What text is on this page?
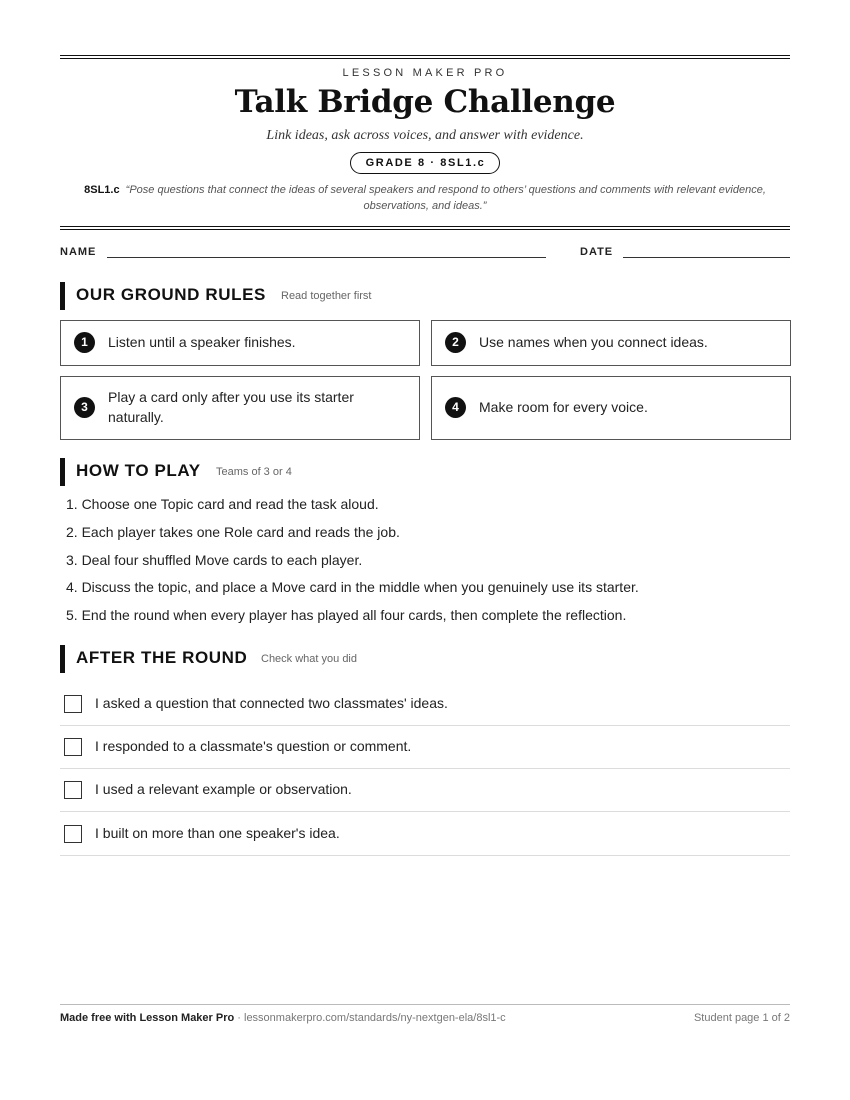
LESSON MAKER PRO
Talk Bridge Challenge
Link ideas, ask across voices, and answer with evidence.
GRADE 8 · 8SL1.c
8SL1.c “Pose questions that connect the ideas of several speakers and respond to others’ questions and comments with relevant evidence, observations, and ideas.”
NAME	DATE
OUR GROUND RULES Read together first
1	Listen until a speaker finishes.	2	Use names when you connect ideas.
3
Play a card only after you use its starter naturally.
4	Make room for every voice.
HOW TO PLAY Teams of 3 or 4
1. Choose one Topic card and read the task aloud.
2. Each player takes one Role card and reads the job.
3. Deal four shuffled Move cards to each player.
4. Discuss the topic, and place a Move card in the middle when you genuinely use its starter.
5. End the round when every player has played all four cards, then complete the reflection.
AFTER THE ROUND Check what you did
I asked a question that connected two classmates' ideas.
I responded to a classmate's question or comment.
I used a relevant example or observation.
I built on more than one speaker's idea.
Made free with Lesson Maker Pro · lessonmakerpro.com/standards/ny-nextgen-ela/8sl1-c	Student page 1 of 2
